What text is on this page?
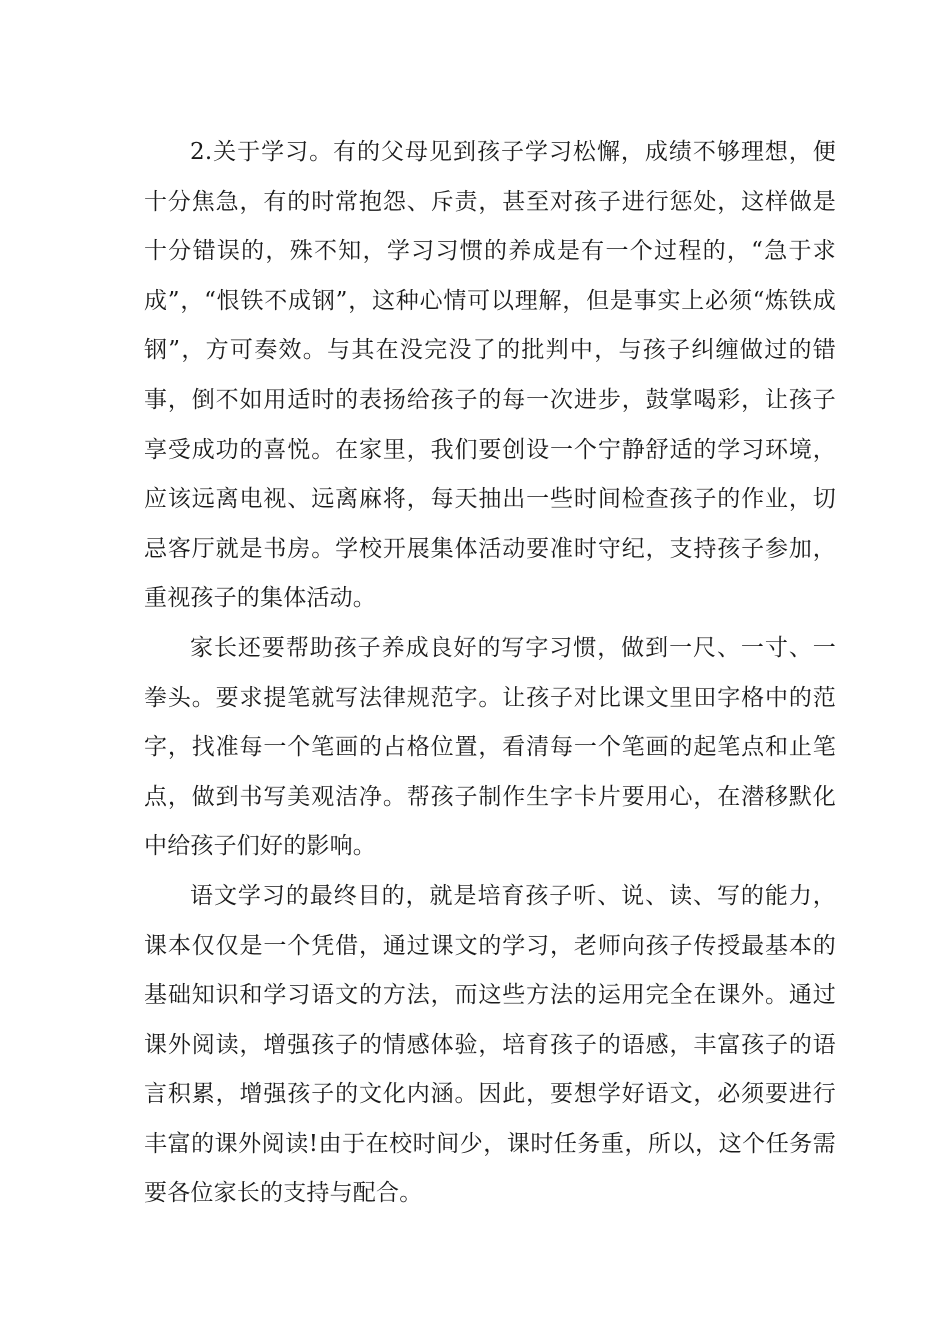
2.关于学习。有的父母见到孩子学习松懈，成绩不够理想，便十分焦急，有的时常抱怨、斥责，甚至对孩子进行惩处，这样做是十分错误的，殊不知，学习习惯的养成是有一个过程的，“急于求成”，“恨铁不成钢”，这种心情可以理解，但是事实上必须“炼铁成钢”，方可奏效。与其在没完没了的批判中，与孩子纠缠做过的错事，倒不如用适时的表扬给孩子的每一次进步，鼓掌喝彩，让孩子享受成功的喜悦。在家里，我们要创设一个宁静舒适的学习环境，应该远离电视、远离麻将，每天抽出一些时间检查孩子的作业，切忌客厅就是书房。学校开展集体活动要准时守纪，支持孩子参加，重视孩子的集体活动。

家长还要帮助孩子养成良好的写字习惯，做到一尺、一寸、一拳头。要求提笔就写法律规范字。让孩子对比课文里田字格中的范字，找准每一个笔画的占格位置，看清每一个笔画的起笔点和止笔点，做到书写美观洁净。帮孩子制作生字卡片要用心，在潜移默化中给孩子们好的影响。

语文学习的最终目的，就是培育孩子听、说、读、写的能力，课本仅仅是一个凭借，通过课文的学习，老师向孩子传授最基本的基础知识和学习语文的方法，而这些方法的运用完全在课外。通过课外阅读，增强孩子的情感体验，培育孩子的语感，丰富孩子的语言积累，增强孩子的文化内涵。因此，要想学好语文，必须要进行丰富的课外阅读!由于在校时间少，课时任务重，所以，这个任务需要各位家长的支持与配合。
